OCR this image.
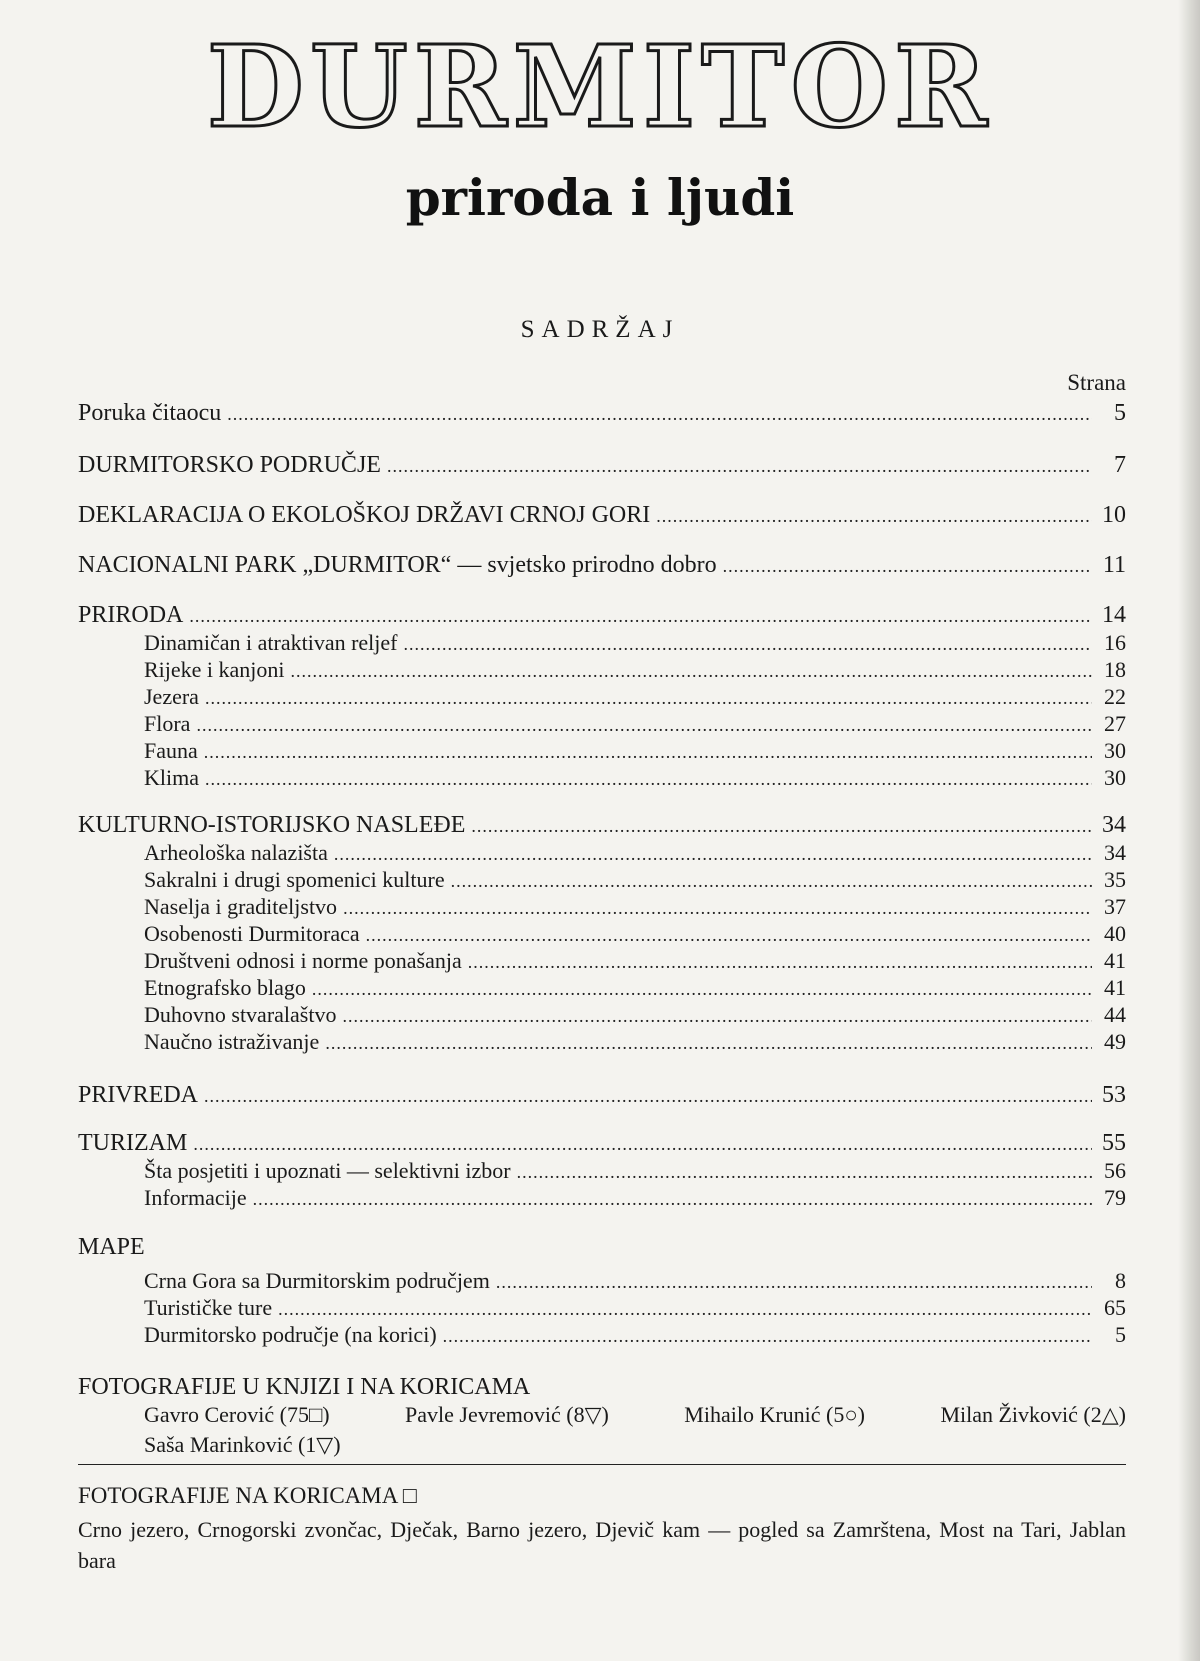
DURMITOR
priroda i ljudi
SADRŽAJ
Strana
Poruka čitaocu .....	5
DURMITORSKO PODRUČJE .....	7
DEKLARACIJA O EKOLOŠKOJ DRŽAVI CRNOJ GORI .....	10
NACIONALNI PARK „DURMITOR“ — svjetsko prirodno dobro .....	11
PRIRODA .....	14
Dinamičan i atraktivan reljef .....	16
Rijeke i kanjoni .....	18
Jezera .....	22
Flora .....	27
Fauna .....	30
Klima .....	30
KULTURNO-ISTORIJSKO NASLEĐE .....	34
Arheološka nalazišta .....	34
Sakralni i drugi spomenici kulture .....	35
Naselja i graditeljstvo .....	37
Osobenosti Durmitoraca .....	40
Društveni odnosi i norme ponašanja .....	41
Etnografsko blago .....	41
Duhovno stvaralaštvo .....	44
Naučno istraživanje .....	49
PRIVREDA .....	53
TURIZAM .....	55
Šta posjetiti i upoznati — selektivni izbor .....	56
Informacije .....	79
MAPE
Crna Gora sa Durmitorskim područjem .....	8
Turističke ture .....	65
Durmitorsko područje (na korici) .....	5
FOTOGRAFIJE U KNJIZI I NA KORICAMA
Gavro Cerović (75□)	Pavle Jevremović (8▽)	Mihailo Krunić (5○)	Milan Živković (2△)
Saša Marinković (1▽)
FOTOGRAFIJE NA KORICAMA □
Crno jezero, Crnogorski zvončac, Dječak, Barno jezero, Djevič kam — pogled sa Zamrštena, Most na Tari, Jablan bara
